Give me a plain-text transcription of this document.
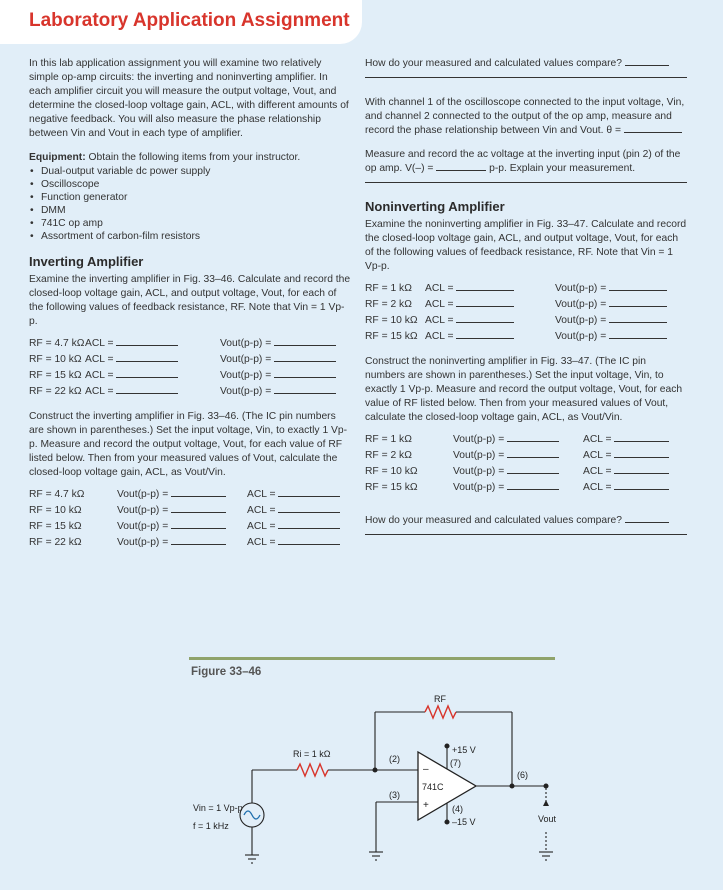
Laboratory Application Assignment

In this lab application assignment you will examine two relatively simple op-amp circuits: the inverting and noninverting amplifier. In each amplifier circuit you will measure the output voltage, Vout, and determine the closed-loop voltage gain, ACL, with different amounts of negative feedback. You will also measure the phase relationship between Vin and Vout in each type of amplifier.

Equipment: Obtain the following items from your instructor.

• Dual-output variable dc power supply
• Oscilloscope
• Function generator
• DMM
• 741C op amp
• Assortment of carbon-film resistors
Inverting Amplifier

Examine the inverting amplifier in Fig. 33–46. Calculate and record the closed-loop voltage gain, ACL, and output voltage, Vout, for each of the following values of feedback resistance, RF. Note that Vin = 1 Vp-p.

RF = 4.7 kΩ	ACL =	Vout(p-p) =
RF = 10 kΩ	ACL =	Vout(p-p) =
RF = 15 kΩ	ACL =	Vout(p-p) =
RF = 22 kΩ	ACL =	Vout(p-p) =

Construct the inverting amplifier in Fig. 33–46. (The IC pin numbers are shown in parentheses.) Set the input voltage, Vin, to exactly 1 Vp-p. Measure and record the output voltage, Vout, for each value of RF listed below. Then from your measured values of Vout, calculate the closed-loop voltage gain, ACL, as Vout/Vin.

RF = 4.7 kΩ	Vout(p-p) =	ACL =
RF = 10 kΩ	Vout(p-p) =	ACL =
RF = 15 kΩ	Vout(p-p) =	ACL =
RF = 22 kΩ	Vout(p-p) =	ACL =

How do your measured and calculated values compare?

With channel 1 of the oscilloscope connected to the input voltage, Vin, and channel 2 connected to the output of the op amp, measure and record the phase relationship between Vin and Vout. θ =

Measure and record the ac voltage at the inverting input (pin 2) of the op amp. V(–) =	p-p. Explain your measurement.

Noninverting Amplifier

Examine the noninverting amplifier in Fig. 33–47. Calculate and record the closed-loop voltage gain, ACL, and output voltage, Vout, for each of the following values of feedback resistance, RF. Note that Vin = 1 Vp-p.

RF = 1 kΩ	ACL =	Vout(p-p) =
RF = 2 kΩ	ACL =	Vout(p-p) =
RF = 10 kΩ	ACL =	Vout(p-p) =
RF = 15 kΩ	ACL =	Vout(p-p) =

Construct the noninverting amplifier in Fig. 33–47. (The IC pin numbers are shown in parentheses.) Set the input voltage, Vin, to exactly 1 Vp-p. Measure and record the output voltage, Vout, for each value of RF listed below. Then from your measured values of Vout, calculate the closed-loop voltage gain, ACL, as Vout/Vin.

RF = 1 kΩ	Vout(p-p) =	ACL =
RF = 2 kΩ	Vout(p-p) =	ACL =
RF = 10 kΩ	Vout(p-p) =	ACL =
RF = 15 kΩ	Vout(p-p) =	ACL =

How do your measured and calculated values compare?

Figure 33–46
RF
Ri = 1 kΩ	(2)
(3)
(6)
+15 V
(7)
(4)
–15 V
741C
–
+
Vin = 1 Vp-p
f = 1 kHz
Vout
